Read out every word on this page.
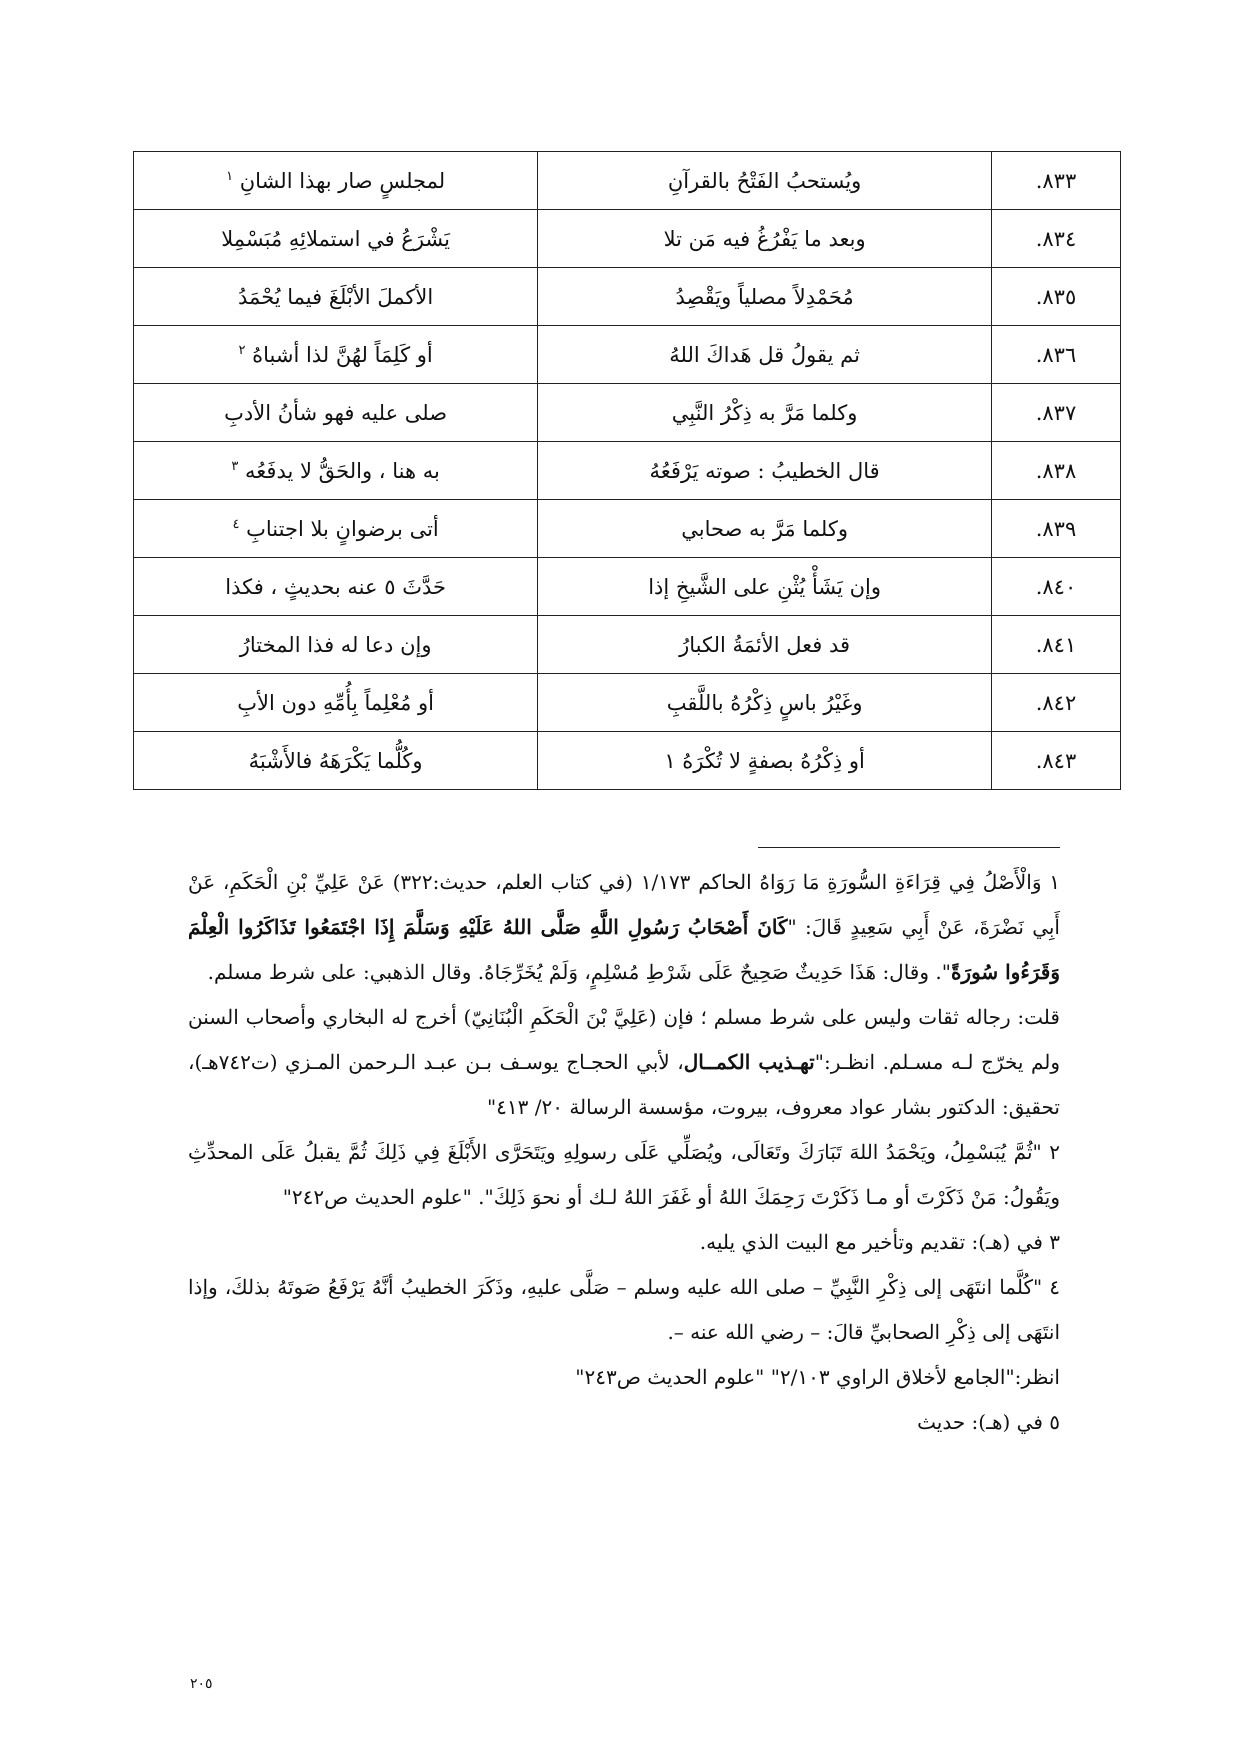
٨٣٣.	ويُستحبُ الفَتْحُ بالقرآنِ	لمجلسٍ صار بهذا الشانِ $^١$
٨٣٤.	وبعد ما يَفْرُغُ فيه مَن تلا	يَشْرَعُ في استملائِهِ مُبَسْمِلا
٨٣٥.	مُحَمْدِلاً مصلياً ويَقْصِدُ	الأكملَ الأبْلَغَ فيما يُحْمَدُ
٨٣٦.	ثم يقولُ قل هَداكَ اللهُ	أو كَلِمَاً لهُنَّ لذا أشباهُ $^٢$
٨٣٧.	وكلما مَرَّ به ذِكْرُ النَّبِي	صلى عليه فهو شأنُ الأدبِ
٨٣٨.	قال الخطيبُ : صوته يَرْفَعُهُ	به هنا ، والحَقُّ لا يدفَعُه $^٣$
٨٣٩.	وكلما مَرَّ به صحابي	أتى برضوانٍ بلا اجتنابِ $^٤$
٨٤٠.	وإن يَشَأْ يُثْنِ على الشَّيخِ إذا	حَدَّثَ ٥ عنه بحديثٍ ، فكذا
٨٤١.	قد فعل الأئمَةُ الكبارُ	وإن دعا له فذا المختارُ
٨٤٢.	وغَيْرُ باسٍ ذِكْرُهُ باللَّقبِ	أو مُعْلِماً بِأُمِّهِ دون الأبِ
٨٤٣.	أو ذِكْرُهُ بصفةٍ لا تُكْرَهُ ١	وكُلُّما يَكْرَهَهُ فالأَشْبَهُ

١ وَالْأَصْلُ فِي قِرَاءَةِ السُّورَةِ مَا رَوَاهُ الحاكم ١/١٧٣ (في كتاب العلم، حديث:٣٢٢) عَنْ عَلِيِّ بْنِ الْحَكَمِ، عَنْ أَبِي نَضْرَةَ، عَنْ أَبِي سَعِيدٍ قَالَ: "كَانَ أَصْحَابُ رَسُولِ اللَّهِ صَلَّى اللهُ عَلَيْهِ وَسَلَّمَ إِذَا اجْتَمَعُوا تَذَاكَرُوا الْعِلْمَ وَقَرَءُوا سُورَةً". وقال: هَذَا حَدِيثٌ صَحِيحٌ عَلَى شَرْطِ مُسْلِمٍ، وَلَمْ يُخَرِّجَاهُ. وقال الذهبي: على شرط مسلم.

قلت: رجاله ثقات وليس على شرط مسلم ؛ فإن (عَلِيَّ بْنَ الْحَكَمِ الْبُنَانِيّ) أخرج له البخاري وأصحاب السنن ولم يخرّج لـه مسـلم. انظـر:"تهـذيب الكمــال، لأبي الحجـاج يوسـف بـن عبـد الـرحمن المـزي (ت٧٤٢هـ)، تحقيق: الدكتور بشار عواد معروف، بيروت، مؤسسة الرسالة ٢٠/ ٤١٣"

٢ "ثُمَّ يُبَسْمِلُ، ويَحْمَدُ اللهَ تَبَارَكَ وتَعَالَى، ويُصَلِّي عَلَى رسولِهِ ويَتَحَرَّى الأَبْلَغَ فِي ذَلِكَ ثُمَّ يقبلُ عَلَى المحدِّثِ ويَقُولُ: مَنْ ذَكَرْتَ أو مـا ذَكَرْتَ رَحِمَكَ اللهُ أو غَفَرَ اللهُ لـك أو نحوَ ذَلِكَ". "علوم الحديث ص٢٤٢"

٣ في (هـ): تقديم وتأخير مع البيت الذي يليه.

٤ "كُلَّما انتَهَى إلى ذِكْرِ النَّبِيِّ – صلى الله عليه وسلم – صَلَّى عليهِ، وذَكَرَ الخطيبُ أنَّهُ يَرْفَعُ صَوتَهُ بذلكَ، وإذا انتَهَى إلى ذِكْرِ الصحابيِّ قالَ: – رضي الله عنه –.

انظر:"الجامع لأخلاق الراوي ٢/١٠٣" "علوم الحديث ص٢٤٣"

٥ في (هـ): حديث

٢٠٥
